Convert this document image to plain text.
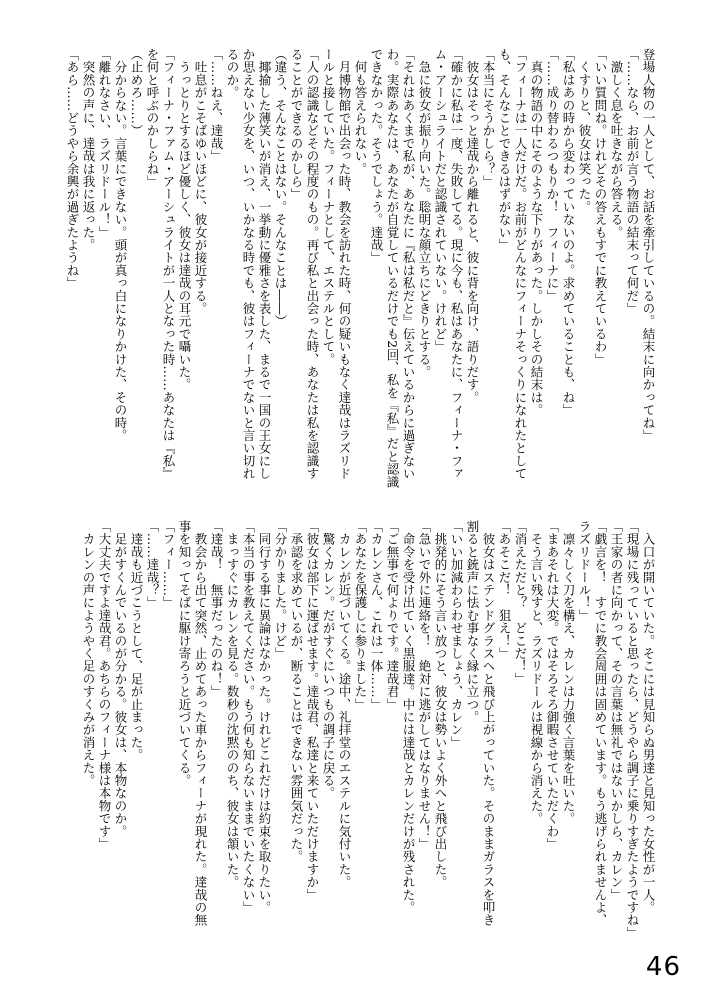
登場人物の一人として、お話を牽引しているの。結末に向かってね」
「……なら、お前が言う物語の結末って何だ」
　激しく息を吐きながら答える。
「いい質問ね。けれどその答えもすでに教えているわ」
　くすりと、彼女は笑った。
「私はあの時から変わっていないのよ。求めていることも、ね」
「……成り替わるつもりか！　フィーナに」
　真の物語の中にそのような下りがあった。しかしその結末は。
「フィーナは一人だけだ。お前がどんなにフィーナそっくりになれたとしても、そんなことできるはずがない」
「本当にそうかしら？」
　彼女はそっと達哉から離れると、彼に背を向け、語りだす。
「確かに私は一度、失敗してる。現に今も、私はあなたに、フィーナ・ファム・アーシュライトだと認識されていない。けれど」
　急に彼女が振り向いた。聡明な顔立ちにどきりとする。
「それはあくまで私が、あなたに『私は私だと』伝えているからに過ぎないわ。実際あなたは、あなたが自覚しているだけでも2回、私を『私』だと認識できなかった。そうでしょう。達哉」
　何も答えられない。
　月博物館で出会った時、教会を訪れた時、何の疑いもなく達哉はラズリドールと接していた。フィーナとして、エステルとして。
「人の認識などその程度のもの。再び私と出会った時、あなたは私を認識することができるのかしら」
（違う、そんなことはない。そんなことは――）
　揶揄した薄笑いが消え、一挙動に優雅さを表した、まるで一国の王女にしか思えない少女を、いつ、いかなる時でも、彼はフィーナでないと言い切れるのか。
「……ねえ、達哉」
　吐息がこそばゆいほどに、彼女が接近する。
　うっとりとするほど優しく、彼女は達哉の耳元で囁いた。
「フィーナ・ファム・アーシュライトが一人となった時……あなたは『私』を何と呼ぶのかしらね」
（止めろ……）
　分からない。言葉にできない。頭が真っ白になりかけた、その時。
「離れなさい、ラズリドール！」
　突然の声に、達哉は我に返った。
「あら……どうやら余興が過ぎたようね」
　入口が開いていた。そこには見知らぬ男達と見知った女性が一人。
「現場に残っていると思ったら、どうやら調子に乗りすぎたようですね」
「王家の者に向かって、その言葉は無礼ではないかしら、カレン」
「戯言を！　すでに教会周囲は固めています。もう逃げられませんよ、ラズリドール！」
　凛々しく刀を構え、カレンは力強く言葉を吐いた。
「まあそれは大変。ではそろそろ御暇させていただくわ」
　そう言い残すと、ラズリドールは視線から消えた。
「消えただと？　どこだ！」
「あそこだ！　狙え！」
　彼女はステンドグラスへと飛び上がっていた。そのままガラスを叩き割ると銃声に怯む事なく縁に立つ。
「いい加減わらわせましょう、カレン」
　挑発的にそう言い放つと、彼女は勢いよく外へと飛び出した。
「急いで外に連絡を！　絶対に逃がしてはなりません！」
　命令を受け出ていく黒服達。中には達哉とカレンだけが残された。
「ご無事で何よりです。達哉君」
「カレンさん、これは一体……」
「あなたを保護しに参りました」
　カレンが近づいてくる。途中、礼拝堂のエステルに気付いた。
　驚くカレン。だがすぐにいつもの調子に戻る。
「彼女は部下に運ばせます。達哉君、私達と来ていただけますか」
　承認を求めているが、断ることはできない雰囲気だった。
「分かりました。けど」
　同行する事に異論はなかった。けれどこれだけは約束を取りたい。
「本当の事を教えてください。もう何も知らないままでいたくない」
　まっすぐにカレンを見る。数秒の沈黙ののち、彼女は頷いた。
「達哉！　無事だったのね！」
　教会から出て突然、止めてあった車からフィーナが現れた。達哉の無事を知ってそばに駆け寄ろうと近づいてくる。
「フィー……」
「……達哉？」
　達哉も近づこうとして、足が止まった。
　足がすくんでいるのが分かる。彼女は、本物なのか。
「大丈夫ですよ達哉君。あちらのフィーナ様は本物です」
　カレンの声にようやく足のすくみが消えた。
46
